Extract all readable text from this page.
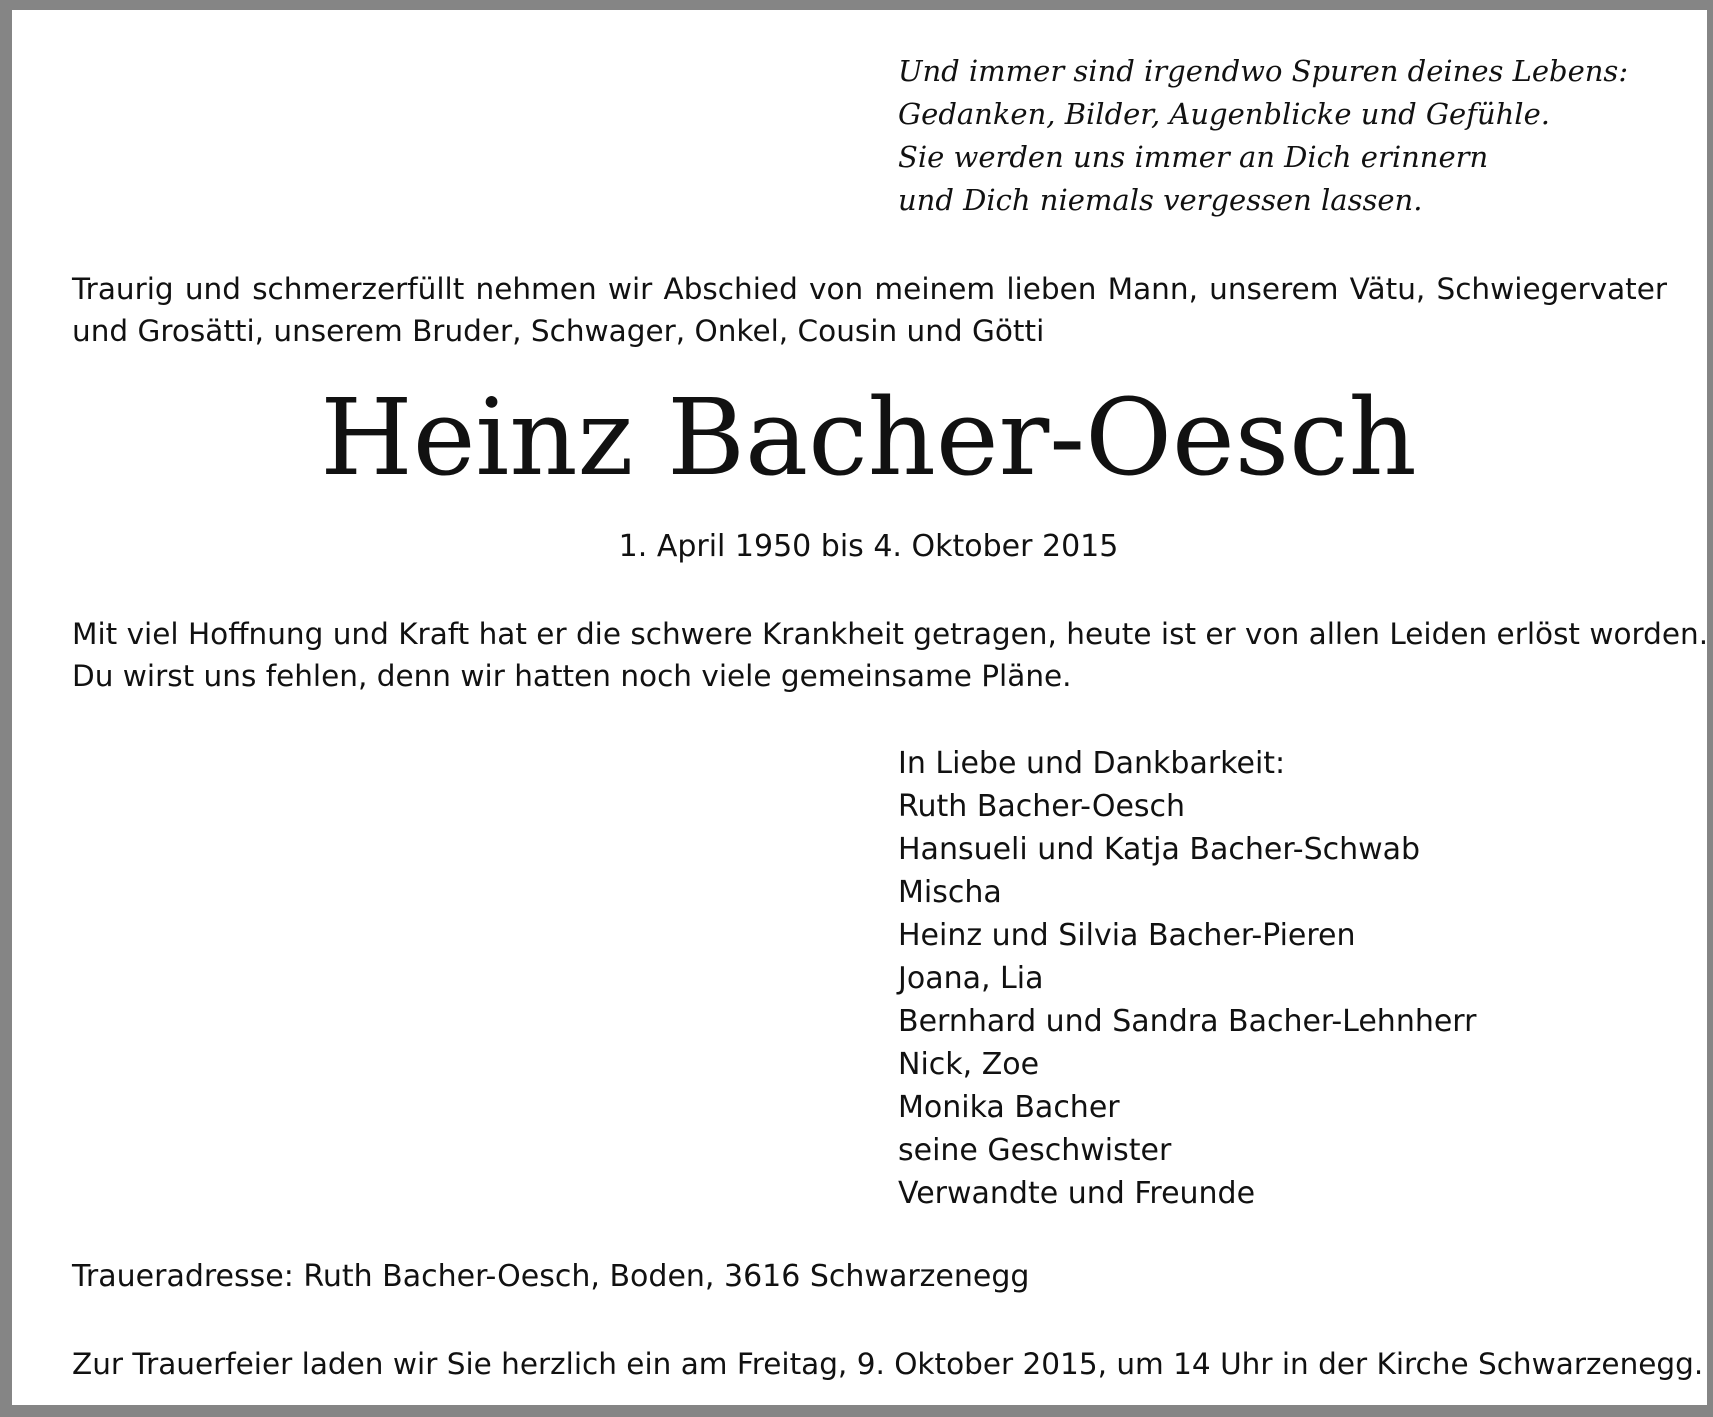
Und immer sind irgendwo Spuren deines Lebens:
Gedanken, Bilder, Augenblicke und Gefühle.
Sie werden uns immer an Dich erinnern
und Dich niemals vergessen lassen.
Traurig und schmerzerfüllt nehmen wir Abschied von meinem lieben Mann, unserem Vätu, Schwiegervater und Grosätti, unserem Bruder, Schwager, Onkel, Cousin und Götti
Heinz Bacher-Oesch
1. April 1950 bis 4. Oktober 2015
Mit viel Hoffnung und Kraft hat er die schwere Krankheit getragen, heute ist er von allen Leiden erlöst worden.
Du wirst uns fehlen, denn wir hatten noch viele gemeinsame Pläne.
In Liebe und Dankbarkeit:
Ruth Bacher-Oesch
Hansueli und Katja Bacher-Schwab
Mischa
Heinz und Silvia Bacher-Pieren
Joana, Lia
Bernhard und Sandra Bacher-Lehnherr
Nick, Zoe
Monika Bacher
seine Geschwister
Verwandte und Freunde
Traueradresse: Ruth Bacher-Oesch, Boden, 3616 Schwarzenegg
Zur Trauerfeier laden wir Sie herzlich ein am Freitag, 9. Oktober 2015, um 14 Uhr in der Kirche Schwarzenegg.
